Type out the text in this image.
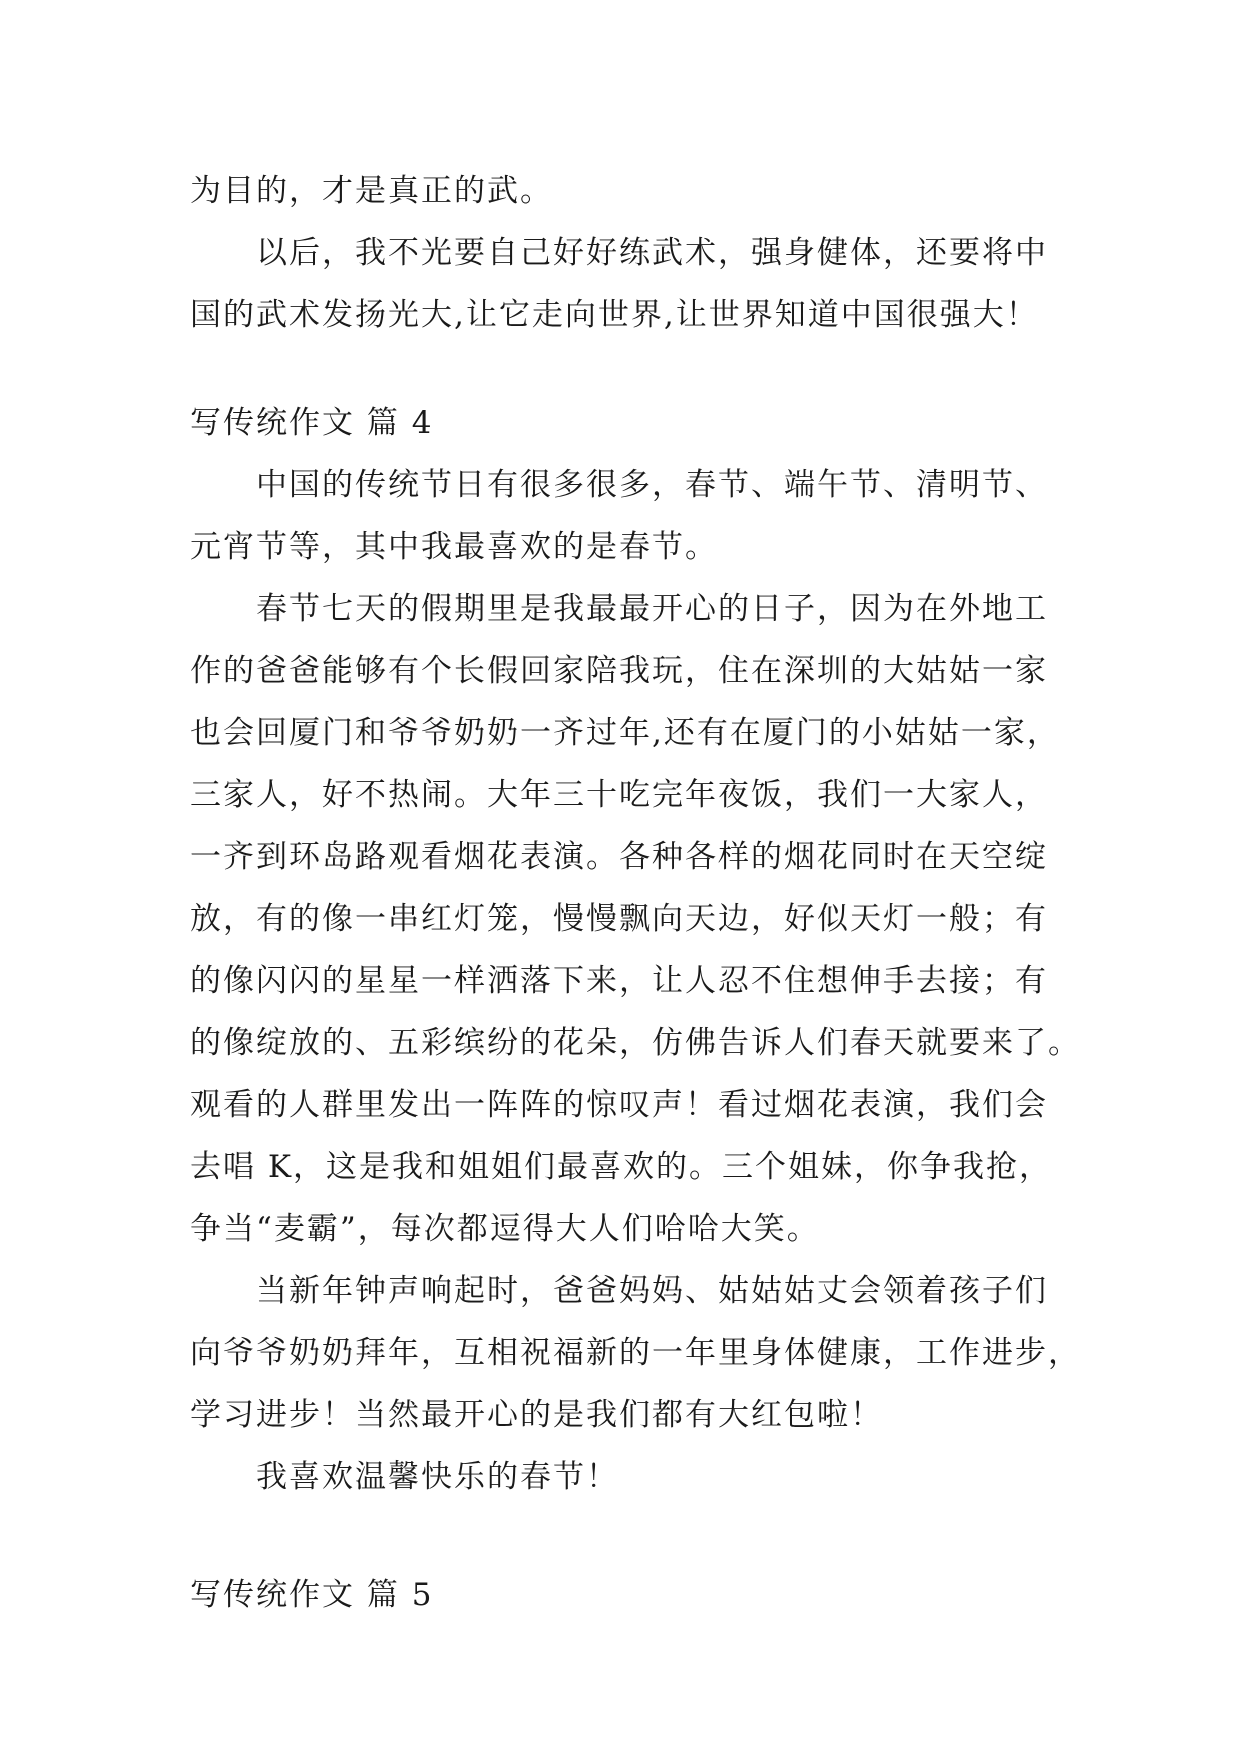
为目的，才是真正的武。
以后，我不光要自己好好练武术，强身健体，还要将中
国的武术发扬光大,让它走向世界,让世界知道中国很强大！
写传统作文 篇 4
中国的传统节日有很多很多，春节、端午节、清明节、
元宵节等，其中我最喜欢的是春节。
春节七天的假期里是我最最开心的日子，因为在外地工
作的爸爸能够有个长假回家陪我玩，住在深圳的大姑姑一家
也会回厦门和爷爷奶奶一齐过年,还有在厦门的小姑姑一家，
三家人，好不热闹。大年三十吃完年夜饭，我们一大家人，
一齐到环岛路观看烟花表演。各种各样的烟花同时在天空绽
放，有的像一串红灯笼，慢慢飘向天边，好似天灯一般；有
的像闪闪的星星一样洒落下来，让人忍不住想伸手去接；有
的像绽放的、五彩缤纷的花朵，仿佛告诉人们春天就要来了。
观看的人群里发出一阵阵的惊叹声！看过烟花表演，我们会
去唱 K，这是我和姐姐们最喜欢的。三个姐妹，你争我抢，
争当“麦霸”，每次都逗得大人们哈哈大笑。
当新年钟声响起时，爸爸妈妈、姑姑姑丈会领着孩子们
向爷爷奶奶拜年，互相祝福新的一年里身体健康，工作进步，
学习进步！当然最开心的是我们都有大红包啦！
我喜欢温馨快乐的春节！
写传统作文 篇 5
